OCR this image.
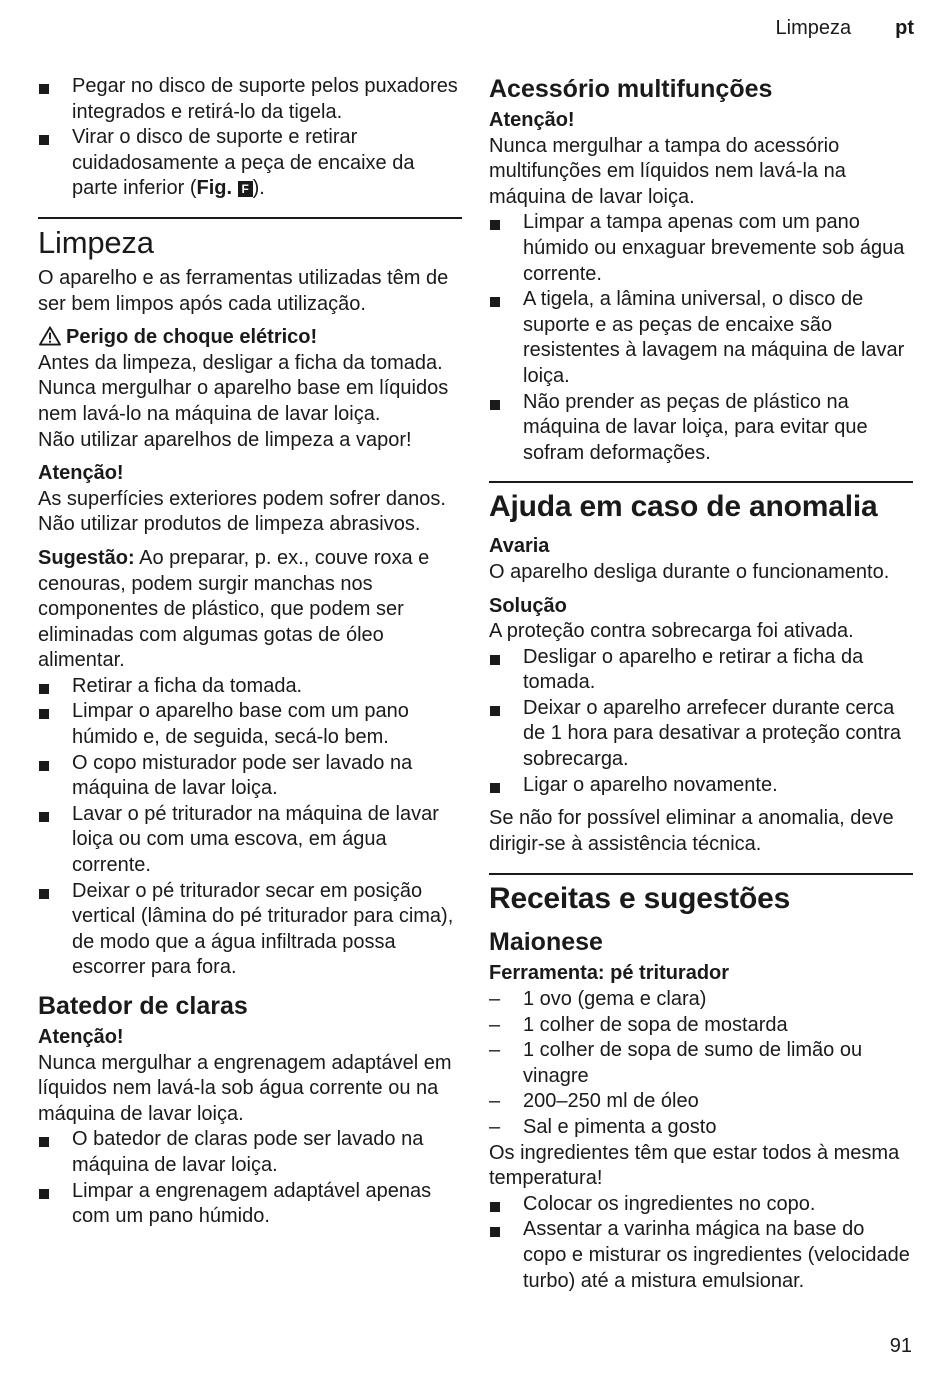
Limpeza pt
Pegar no disco de suporte pelos puxadores integrados e retirá-lo da tigela.
Virar o disco de suporte e retirar cuidadosamente a peça de encaixe da parte inferior (Fig. F ).
Limpeza

O aparelho e as ferramentas utilizadas têm de ser bem limpos após cada utilização.

Perigo de choque elétrico!

Antes da limpeza, desligar a ficha da tomada.

Nunca mergulhar o aparelho base em líquidos nem lavá-lo na máquina de lavar loiça.

Não utilizar aparelhos de limpeza a vapor!

Atenção!

As superfícies exteriores podem sofrer danos. Não utilizar produtos de limpeza abrasivos.

Sugestão: Ao preparar, p. ex., couve roxa e cenouras, podem surgir manchas nos componentes de plástico, que podem ser eliminadas com algumas gotas de óleo alimentar.

Retirar a ficha da tomada.
Limpar o aparelho base com um pano húmido e, de seguida, secá-lo bem.
O copo misturador pode ser lavado na máquina de lavar loiça.
Lavar o pé triturador na máquina de lavar loiça ou com uma escova, em água corrente.
Deixar o pé triturador secar em posição vertical (lâmina do pé triturador para cima), de modo que a água infiltrada possa escorrer para fora.
Batedor de claras

Atenção!

Nunca mergulhar a engrenagem adaptável em líquidos nem lavá-la sob água corrente ou na máquina de lavar loiça.

O batedor de claras pode ser lavado na máquina de lavar loiça.
Limpar a engrenagem adaptável apenas com um pano húmido.
Acessório multifunções

Atenção!

Nunca mergulhar a tampa do acessório multifunções em líquidos nem lavá-la na máquina de lavar loiça.

Limpar a tampa apenas com um pano húmido ou enxaguar brevemente sob água corrente.
A tigela, a lâmina universal, o disco de suporte e as peças de encaixe são resistentes à lavagem na máquina de lavar loiça.
Não prender as peças de plástico na máquina de lavar loiça, para evitar que sofram deformações.
Ajuda em caso de anomalia

Avaria

O aparelho desliga durante o funcionamento.

Solução

A proteção contra sobrecarga foi ativada.

Desligar o aparelho e retirar a ficha da tomada.
Deixar o aparelho arrefecer durante cerca de 1 hora para desativar a proteção contra sobrecarga.
Ligar o aparelho novamente.

Se não for possível eliminar a anomalia, deve dirigir-se à assistência técnica.

Receitas e sugestões
Maionese

Ferramenta: pé triturador

– 1 ovo (gema e clara)
– 1 colher de sopa de mostarda
– 1 colher de sopa de sumo de limão ou vinagre
– 200–250 ml de óleo
– Sal e pimenta a gosto

Os ingredientes têm que estar todos à mesma temperatura!

Colocar os ingredientes no copo.
Assentar a varinha mágica na base do copo e misturar os ingredientes (velocidade turbo) até a mistura emulsionar.
91
